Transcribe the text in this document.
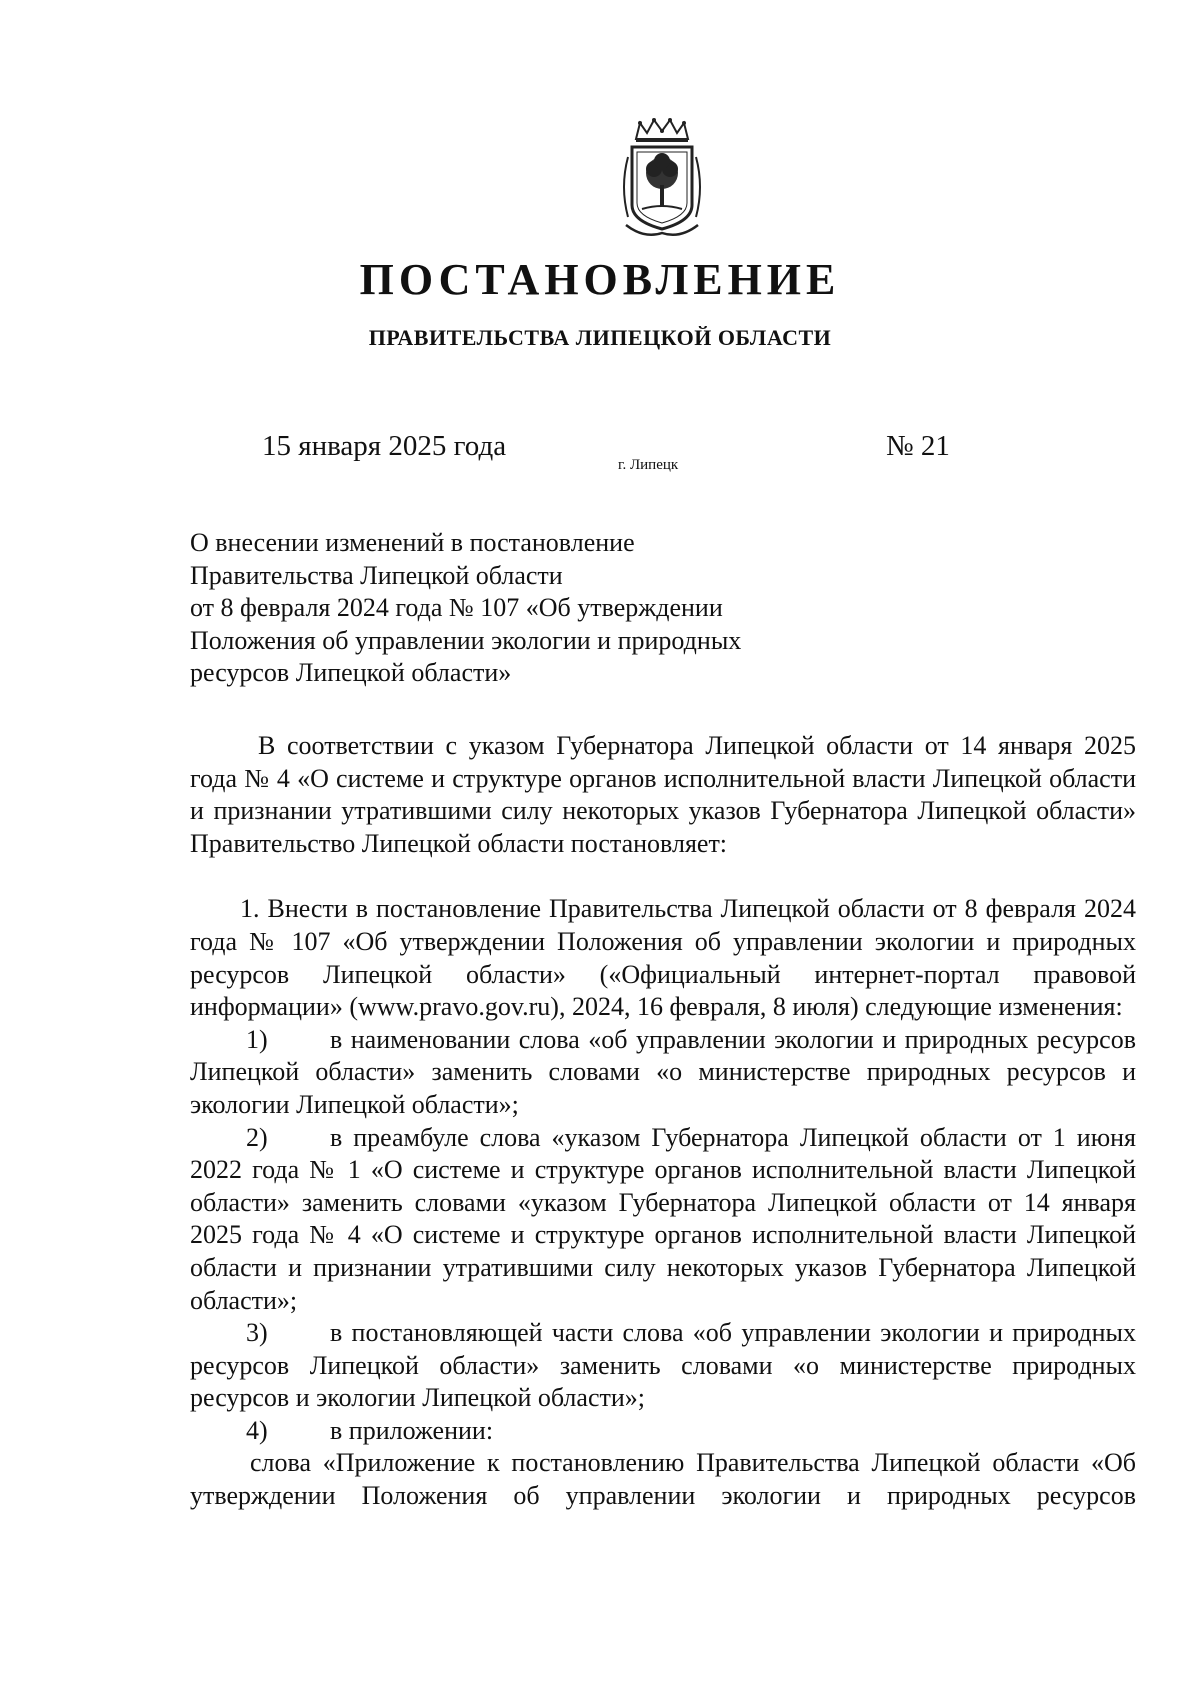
ПОСТАНОВЛЕНИЕ
ПРАВИТЕЛЬСТВА ЛИПЕЦКОЙ ОБЛАСТИ
15 января 2025 года
г. Липецк
№ 21
О внесении изменений в постановление
Правительства Липецкой области
от 8 февраля 2024 года № 107 «Об утверждении
Положения об управлении экологии и природных
ресурсов Липецкой области»

В соответствии с указом Губернатора Липецкой области от 14 января 2025 года № 4 «О системе и структуре органов исполнительной власти Липецкой области и признании утратившими силу некоторых указов Губернатора Липецкой области» Правительство Липецкой области постановляет:

1. Внести в постановление Правительства Липецкой области от 8 февраля 2024 года № 107 «Об утверждении Положения об управлении экологии и природных ресурсов Липецкой области» («Официальный интернет-портал правовой информации» (www.pravo.gov.ru), 2024, 16 февраля, 8 июля) следующие изменения:

1) в наименовании слова «об управлении экологии и природных ресурсов Липецкой области» заменить словами «о министерстве природных ресурсов и экологии Липецкой области»;

2) в преамбуле слова «указом Губернатора Липецкой области от 1 июня 2022 года № 1 «О системе и структуре органов исполнительной власти Липецкой области» заменить словами «указом Губернатора Липецкой области от 14 января 2025 года № 4 «О системе и структуре органов исполнительной власти Липецкой области и признании утратившими силу некоторых указов Губернатора Липецкой области»;

3) в постановляющей части слова «об управлении экологии и природных ресурсов Липецкой области» заменить словами «о министерстве природных ресурсов и экологии Липецкой области»;

4) в приложении:

слова «Приложение к постановлению Правительства Липецкой области «Об утверждении Положения об управлении экологии и природных ресурсов
